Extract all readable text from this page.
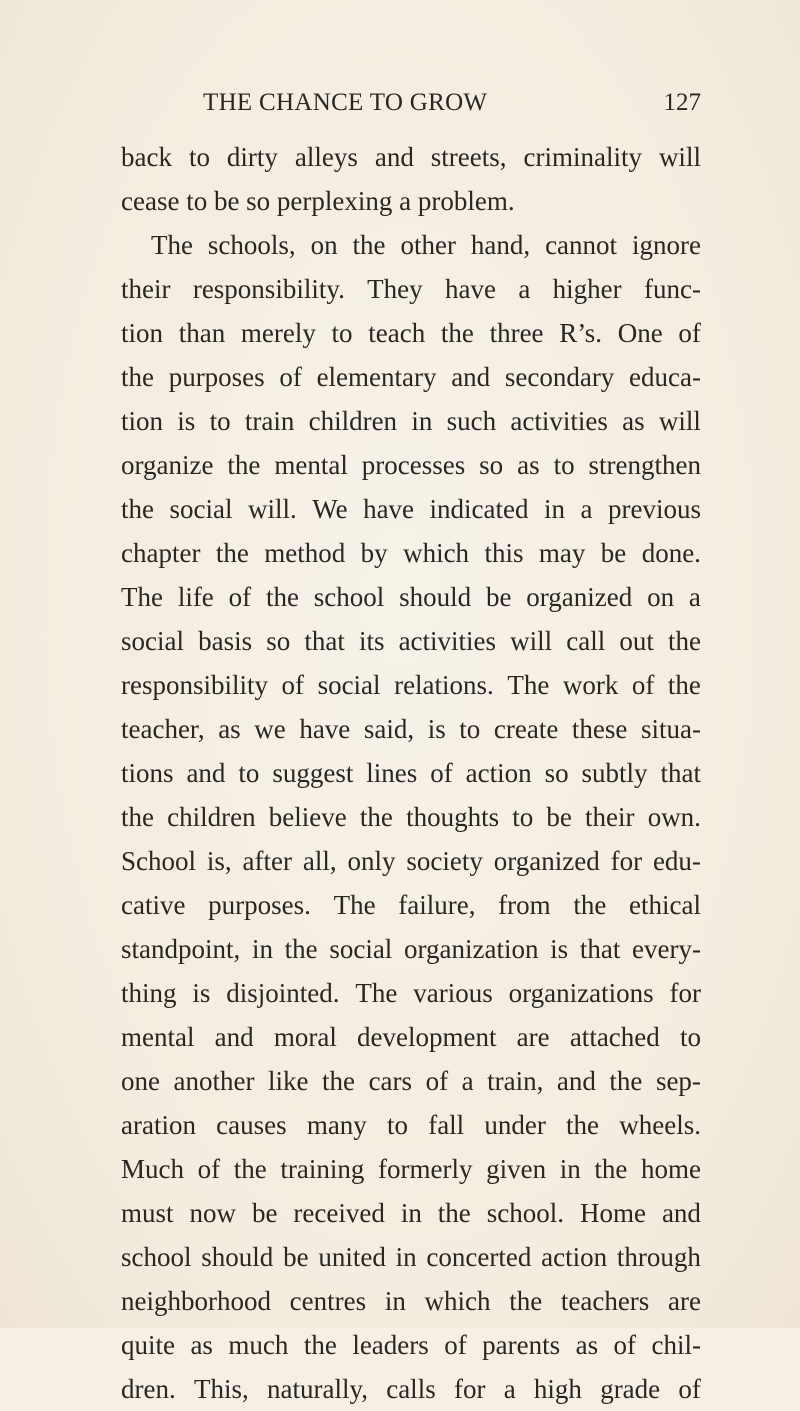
THE CHANCE TO GROW	127
back to dirty alleys and streets, criminality will
cease to be so perplexing a problem.
The schools, on the other hand, cannot ignore
their responsibility. They have a higher func-
tion than merely to teach the three R’s. One of
the purposes of elementary and secondary educa-
tion is to train children in such activities as will
organize the mental processes so as to strengthen
the social will. We have indicated in a previous
chapter the method by which this may be done.
The life of the school should be organized on a
social basis so that its activities will call out the
responsibility of social relations. The work of the
teacher, as we have said, is to create these situa-
tions and to suggest lines of action so subtly that
the children believe the thoughts to be their own.
School is, after all, only society organized for edu-
cative purposes. The failure, from the ethical
standpoint, in the social organization is that every-
thing is disjointed. The various organizations for
mental and moral development are attached to
one another like the cars of a train, and the sep-
aration causes many to fall under the wheels.
Much of the training formerly given in the home
must now be received in the school. Home and
school should be united in concerted action through
neighborhood centres in which the teachers are
quite as much the leaders of parents as of chil-
dren. This, naturally, calls for a high grade of
